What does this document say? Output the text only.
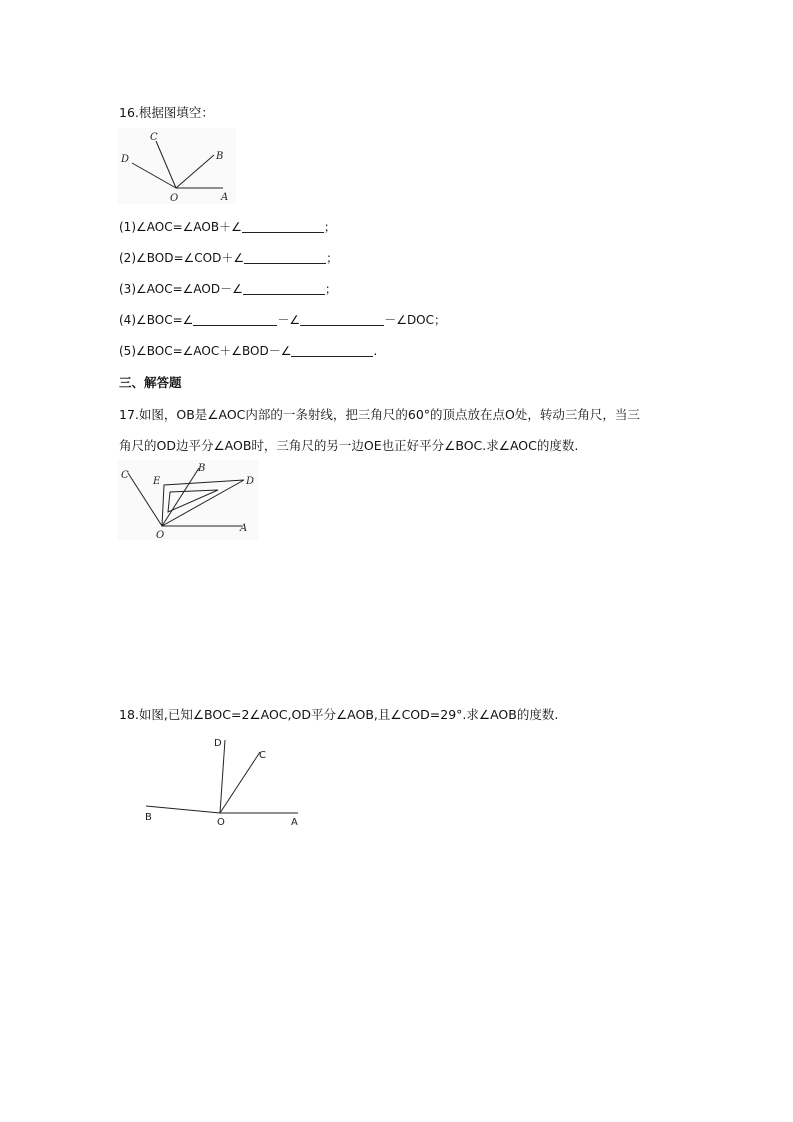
16.根据图填空：
C
D	B
O	A
(1)∠AOC=∠AOB＋∠	；
(2)∠BOD=∠COD＋∠	；
(3)∠AOC=∠AOD－∠	；
(4)∠BOC=∠	－∠	－∠DOC；
(5)∠BOC=∠AOC＋∠BOD－∠	.
三、解答题
17.如图，OB是∠AOC内部的一条射线，把三角尺的60°的顶点放在点O处，转动三角尺，当三
角尺的OD边平分∠AOB时，三角尺的另一边OE也正好平分∠BOC.求∠AOC的度数.
C
B
E	D
O
A
18.如图,已知∠BOC=2∠AOC,OD平分∠AOB,且∠COD=29°.求∠AOB的度数.
D
C
B	O	A
